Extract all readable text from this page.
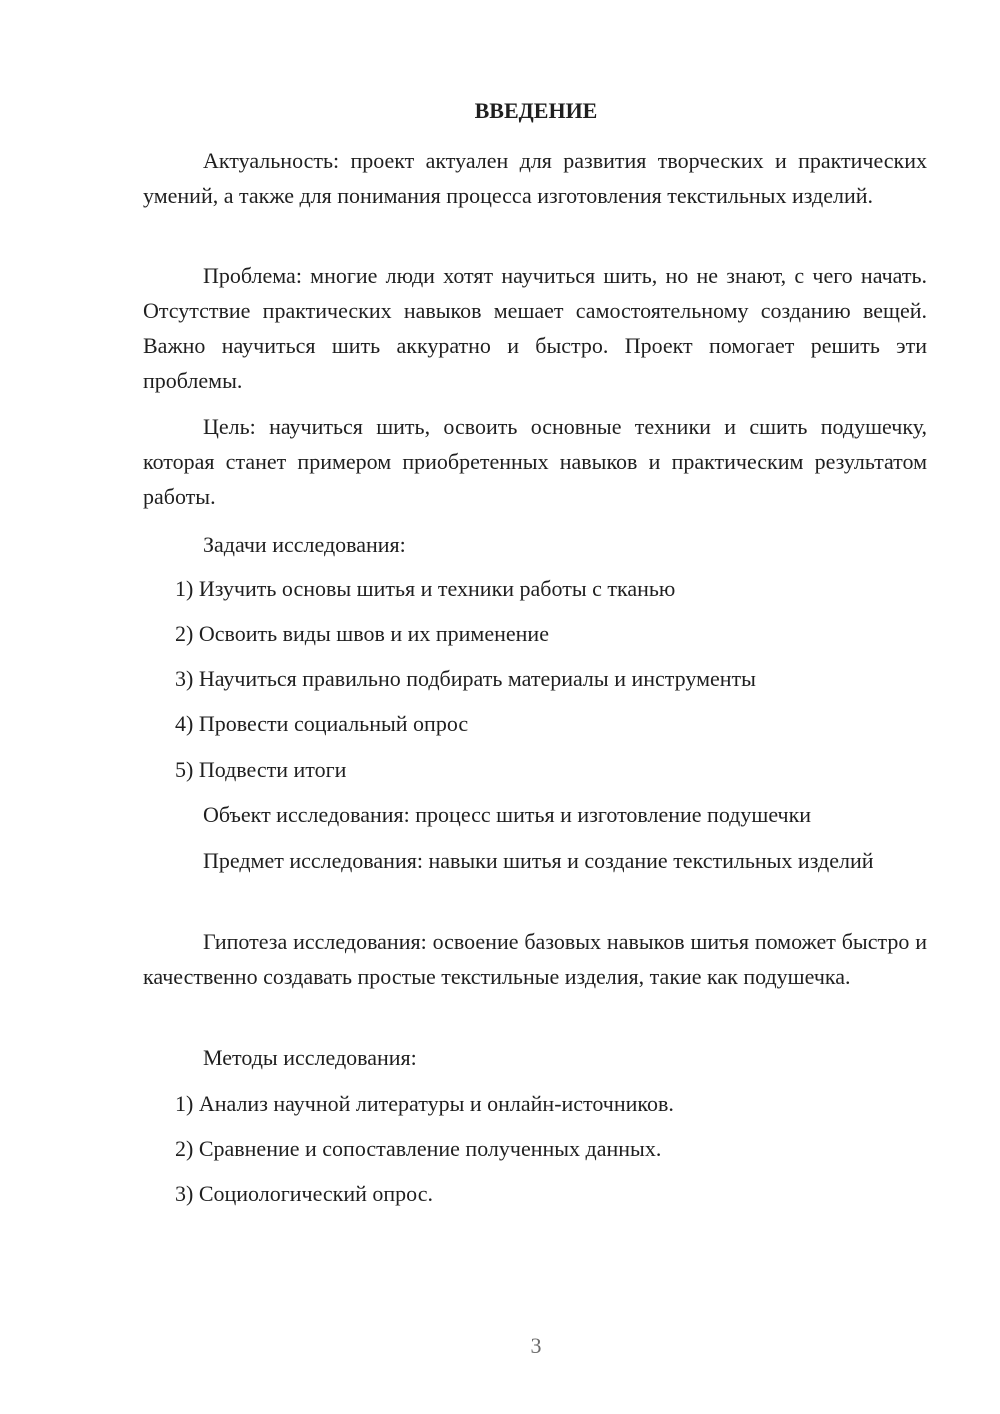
ВВЕДЕНИЕ
Актуальность: проект актуален для развития творческих и практических умений, а также для понимания процесса изготовления текстильных изделий.
Проблема: многие люди хотят научиться шить, но не знают, с чего начать. Отсутствие практических навыков мешает самостоятельному созданию вещей. Важно научиться шить аккуратно и быстро. Проект помогает решить эти проблемы.
Цель: научиться шить, освоить основные техники и сшить подушечку, которая станет примером приобретенных навыков и практическим результатом работы.
Задачи исследования:
1) Изучить основы шитья и техники работы с тканью
2) Освоить виды швов и их применение
3) Научиться правильно подбирать материалы и инструменты
4) Провести социальный опрос
5) Подвести итоги
Объект исследования: процесс шитья и изготовление подушечки
Предмет исследования: навыки шитья и создание текстильных изделий
Гипотеза исследования: освоение базовых навыков шитья поможет быстро и качественно создавать простые текстильные изделия, такие как подушечка.
Методы исследования:
1) Анализ научной литературы и онлайн-источников.
2) Сравнение и сопоставление полученных данных.
3) Социологический опрос.
3
